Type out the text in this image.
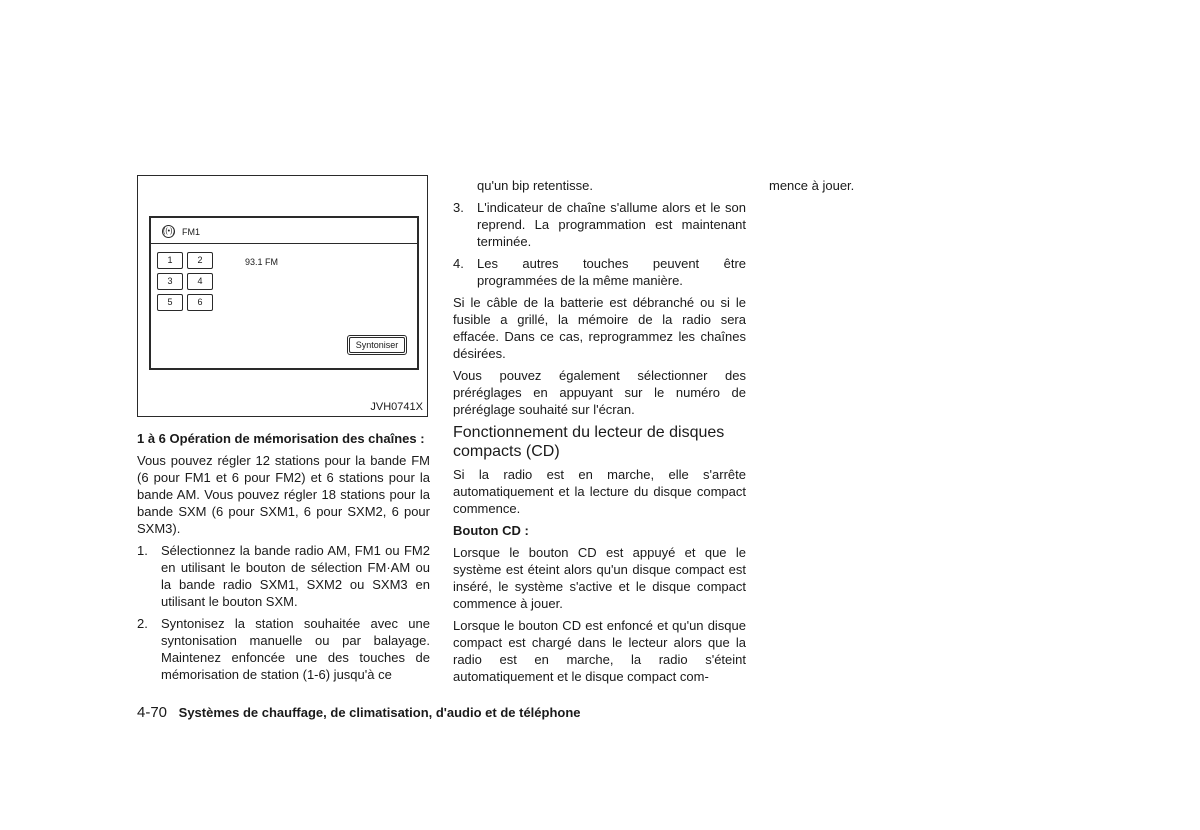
((•)) FM1
1	2
3	4
5	6
93.1 FM
Syntoniser
JVH0741X

1 à 6 Opération de mémorisation des chaînes :

Vous pouvez régler 12 stations pour la bande FM (6 pour FM1 et 6 pour FM2) et 6 stations pour la bande AM. Vous pouvez régler 18 stations pour la bande SXM (6 pour SXM1, 6 pour SXM2, 6 pour SXM3).

1. Sélectionnez la bande radio AM, FM1 ou FM2 en utilisant le bouton de sélection FM·AM ou la bande radio SXM1, SXM2 ou SXM3 en utilisant le bouton SXM.
2. Syntonisez la station souhaitée avec une syntonisation manuelle ou par balayage. Maintenez enfoncée une des touches de mémorisation de station (1-6) jusqu'à ce

qu'un bip retentisse.

3. L'indicateur de chaîne s'allume alors et le son reprend. La programmation est maintenant terminée.
4. Les autres touches peuvent être programmées de la même manière.

Si le câble de la batterie est débranché ou si le fusible a grillé, la mémoire de la radio sera effacée. Dans ce cas, reprogrammez les chaînes désirées.

Vous pouvez également sélectionner des préréglages en appuyant sur le numéro de préréglage souhaité sur l'écran.

Fonctionnement du lecteur de disques compacts (CD)

Si la radio est en marche, elle s'arrête automatiquement et la lecture du disque compact commence.

Bouton CD :

Lorsque le bouton CD est appuyé et que le système est éteint alors qu'un disque compact est inséré, le système s'active et le disque compact commence à jouer.

Lorsque le bouton CD est enfoncé et qu'un disque compact est chargé dans le lecteur alors que la radio est en marche, la radio s'éteint automatiquement et le disque compact com-

mence à jouer.

4-70 Systèmes de chauffage, de climatisation, d'audio et de téléphone
